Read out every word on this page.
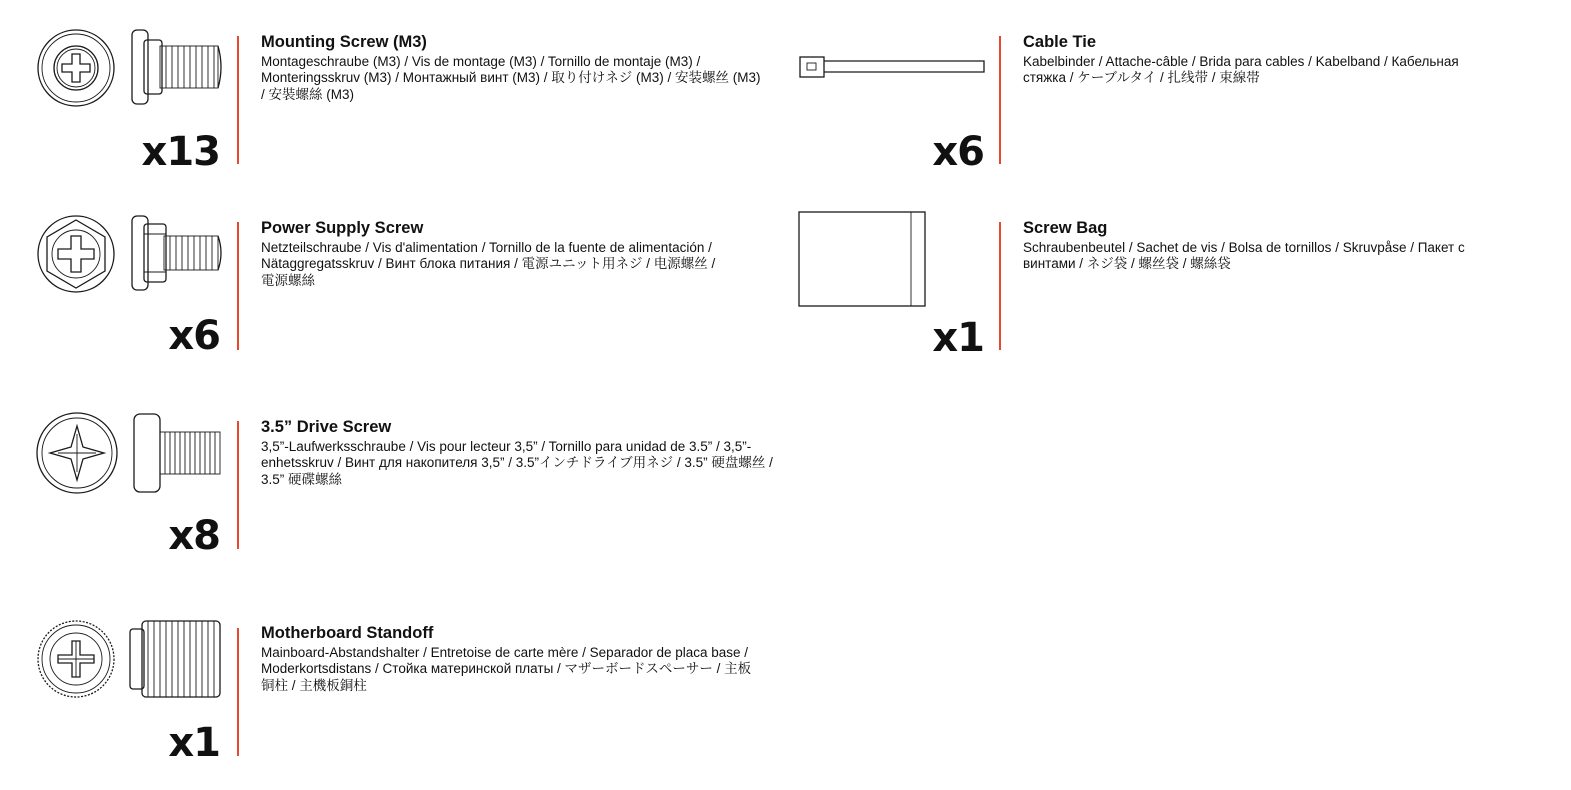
x13
Mounting Screw (M3)
Montageschraube (M3) / Vis de montage (M3) / Tornillo de montaje (M3) / Monteringsskruv (M3) / Монтажный винт (M3) / 取り付けネジ (M3) / 安装螺丝 (M3) / 安裝螺絲 (M3)
x6
Power Supply Screw
Netzteilschraube / Vis d'alimentation / Tornillo de la fuente de alimentación / Nätaggregatsskruv / Винт блока питания / 電源ユニット用ネジ / 电源螺丝 / 電源螺絲
x8
3.5” Drive Screw
3,5”-Laufwerksschraube / Vis pour lecteur 3,5” / Tornillo para unidad de 3.5” / 3,5”-enhetsskruv / Винт для накопителя 3,5” / 3.5”インチドライブ用ネジ / 3.5” 硬盘螺丝 / 3.5” 硬碟螺絲
x1
Motherboard Standoff
Mainboard-Abstandshalter / Entretoise de carte mère / Separador de placa base / Moderkortsdistans / Стойка материнской платы / マザーボードスペーサー / 主板铜柱 / 主機板銅柱
x6
Cable Tie
Kabelbinder / Attache-câble / Brida para cables / Kabelband / Кабельная стяжка / ケーブルタイ / 扎线带 / 束線帯
x1
Screw Bag
Schraubenbeutel / Sachet de vis / Bolsa de tornillos / Skruvpåse / Пакет с винтами / ネジ袋 / 螺丝袋 / 螺絲袋
